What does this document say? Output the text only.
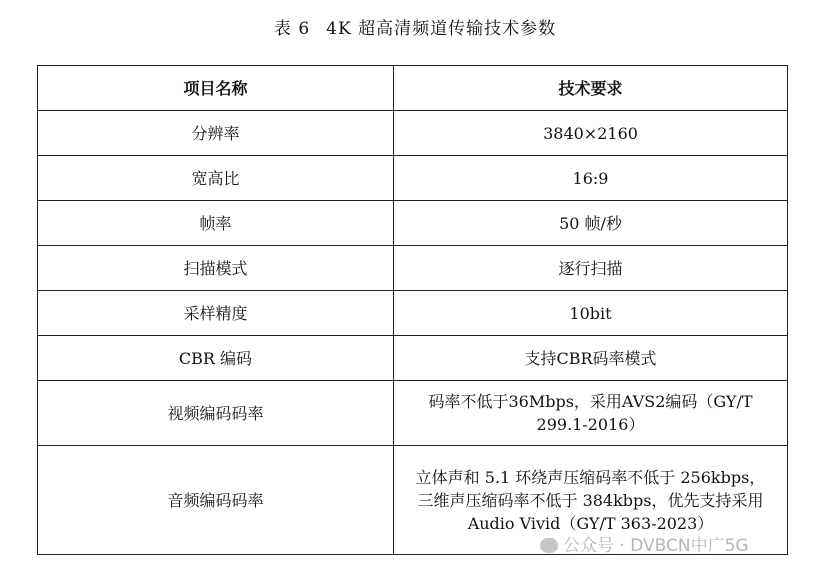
表 6 4K 超高清频道传输技术参数
项目名称	技术要求
分辨率	3840×2160
宽高比	16:9
帧率	50 帧/秒
扫描模式	逐行扫描
采样精度	10bit
CBR 编码	支持CBR码率模式
视频编码码率	码率不低于36Mbps，采用AVS2编码（GY/T 299.1-2016）
音频编码码率	立体声和 5.1 环绕声压缩码率不低于 256kbps，三维声压缩码率不低于 384kbps，优先支持采用 Audio Vivid（GY/T 363-2023）
公众号 · DVBCN中广5G
